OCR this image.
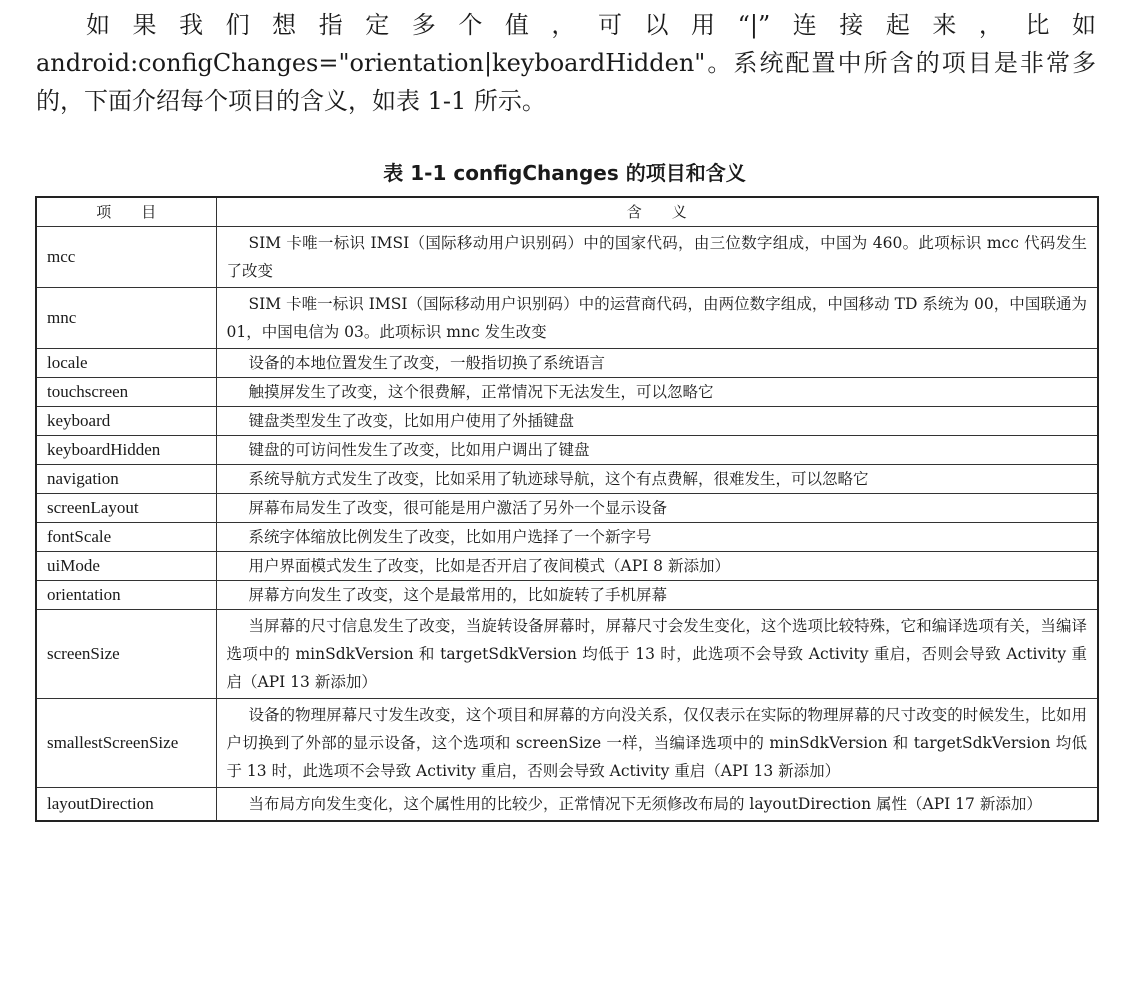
如果我们想指定多个值，可以用“|”连接起来，比如 android:configChanges="orientation|keyboardHidden"。系统配置中所含的项目是非常多的，下面介绍每个项目的含义，如表 1-1 所示。

表 1-1 configChanges 的项目和含义
项　　目	含　　义
mcc	SIM 卡唯一标识 IMSI（国际移动用户识别码）中的国家代码，由三位数字组成，中国为 460。此项标识 mcc 代码发生了改变
mnc	SIM 卡唯一标识 IMSI（国际移动用户识别码）中的运营商代码，由两位数字组成，中国移动 TD 系统为 00，中国联通为 01，中国电信为 03。此项标识 mnc 发生改变
locale	设备的本地位置发生了改变，一般指切换了系统语言
touchscreen	触摸屏发生了改变，这个很费解，正常情况下无法发生，可以忽略它
keyboard	键盘类型发生了改变，比如用户使用了外插键盘
keyboardHidden	键盘的可访问性发生了改变，比如用户调出了键盘
navigation	系统导航方式发生了改变，比如采用了轨迹球导航，这个有点费解，很难发生，可以忽略它
screenLayout	屏幕布局发生了改变，很可能是用户激活了另外一个显示设备
fontScale	系统字体缩放比例发生了改变，比如用户选择了一个新字号
uiMode	用户界面模式发生了改变，比如是否开启了夜间模式（API 8 新添加）
orientation	屏幕方向发生了改变，这个是最常用的，比如旋转了手机屏幕
screenSize	当屏幕的尺寸信息发生了改变，当旋转设备屏幕时，屏幕尺寸会发生变化，这个选项比较特殊，它和编译选项有关，当编译选项中的 minSdkVersion 和 targetSdkVersion 均低于 13 时，此选项不会导致 Activity 重启，否则会导致 Activity 重启（API 13 新添加）
smallestScreenSize	设备的物理屏幕尺寸发生改变，这个项目和屏幕的方向没关系，仅仅表示在实际的物理屏幕的尺寸改变的时候发生，比如用户切换到了外部的显示设备，这个选项和 screenSize 一样，当编译选项中的 minSdkVersion 和 targetSdkVersion 均低于 13 时，此选项不会导致 Activity 重启，否则会导致 Activity 重启（API 13 新添加）
layoutDirection	当布局方向发生变化，这个属性用的比较少，正常情况下无须修改布局的 layoutDirection 属性（API 17 新添加）
